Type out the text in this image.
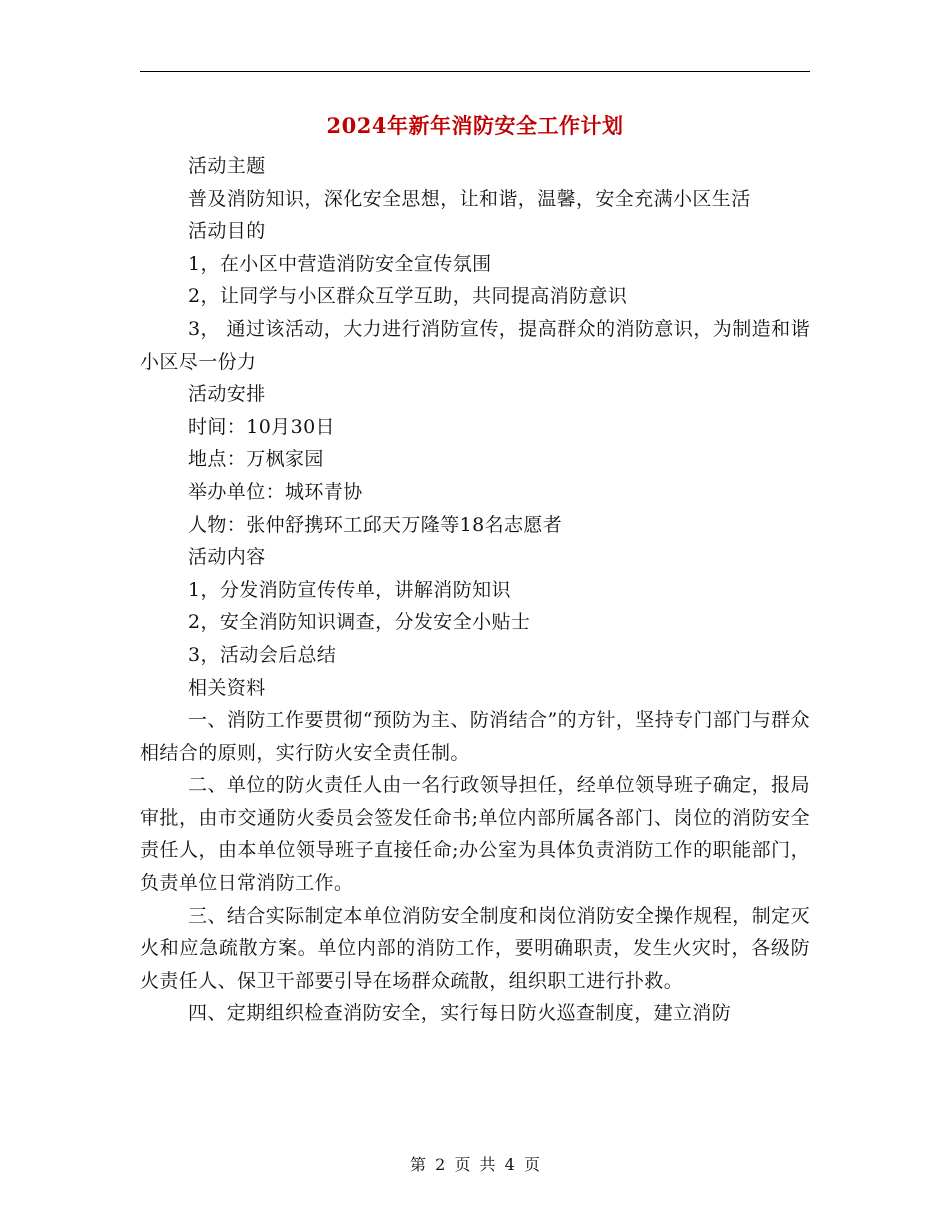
2024年新年消防安全工作计划

活动主题

普及消防知识，深化安全思想，让和谐，温馨，安全充满小区生活

活动目的

1，在小区中营造消防安全宣传氛围

2，让同学与小区群众互学互助，共同提高消防意识

3， 通过该活动，大力进行消防宣传，提高群众的消防意识，为制造和谐小区尽一份力

活动安排

时间：10月30日

地点：万枫家园

举办单位：城环青协

人物：张仲舒携环工邱天万隆等18名志愿者

活动内容

1，分发消防宣传传单，讲解消防知识

2，安全消防知识调查，分发安全小贴士

3，活动会后总结

相关资料

一、消防工作要贯彻“预防为主、防消结合”的方针，坚持专门部门与群众相结合的原则，实行防火安全责任制。

二、单位的防火责任人由一名行政领导担任，经单位领导班子确定，报局审批，由市交通防火委员会签发任命书;单位内部所属各部门、岗位的消防安全责任人，由本单位领导班子直接任命;办公室为具体负责消防工作的职能部门，负责单位日常消防工作。

三、结合实际制定本单位消防安全制度和岗位消防安全操作规程，制定灭火和应急疏散方案。单位内部的消防工作，要明确职责，发生火灾时，各级防火责任人、保卫干部要引导在场群众疏散，组织职工进行扑救。

四、定期组织检查消防安全，实行每日防火巡查制度，建立消防

第 2 页 共 4 页
